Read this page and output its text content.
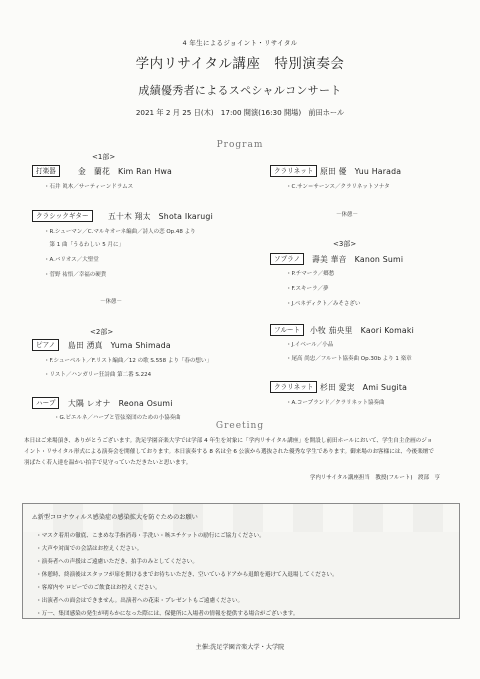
4 年生によるジョイント・リサイタル
学内リサイタル講座　特別演奏会
成績優秀者によるスペシャルコンサート
2021 年 2 月 25 日(木)　17:00 開演(16:30 開場)　前田ホール
Program
<1部>
打楽器	金　蘭花　Kim Ran Hwa
・石井 眞木／サーティーンドラムス
クラシックギター	五十木 翔太　Shota Ikarugi
・R.シューマン／C.マルキオーネ編曲／詩人の恋 Op.48 より
　第 1 曲「うるわしい 5 月に」
・A.バリオス／大聖堂
・菅野 祐悟／幸福の硬貨
－休憩－
<2部>
ピアノ	島田 湧真　Yuma Shimada
・F.シューベルト／F.リスト編曲／12 の歌 S.558 より「春の想い」
・リスト／ハンガリー狂詩曲 第二番 S.224
ハープ	大隅 レオナ　Reona Osumi
・G.ピエルネ／ハープと管弦楽団のための小協奏曲
クラリネット 原田 優　Yuu Harada
・C.サン＝サーンス／クラリネットソナタ
－休憩－
<3部>
ソプラノ	壽美 華音　Kanon Sumi
・P.チマーラ／郷愁
・F.スキーラ／夢
・J.ベネディクト／みそさざい
フルート	小牧 茄央里　Kaori Komaki
・J.イベール／小品
・尾高 尚忠／フルート協奏曲 Op.30b より 1 楽章
クラリネット 杉田 愛実　Ami Sugita
・A.コープランド／クラリネット協奏曲
Greeting

本日はご来場頂き、ありがとうございます。洗足学園音楽大学では学部 4 年生を対象に「学内リサイタル講座」を開設し前田ホールにおいて、学生自主企画のジョ

イント・リサイタル形式による演奏会を開催しております。本日演奏する 8 名は全 6 公演から選抜された優秀な学生であります。御来場のお客様には、今後楽壇で

羽ばたく若人達を温かい拍手で見守っていただきたいと思います。

学内リサイタル講座担当　教授(フルート)　渡部　亨
⚠新型コロナウィルス感染症の感染拡大を防ぐためのお願い
・マスク着用の徹底、こまめな手指消毒・手洗い・咳エチケットの励行にご協力ください。
・大声や対面での会話はお控えください。
・演奏者への声援はご遠慮いただき、拍手のみとしてください。
・休憩時、終演後はスタッフが扉を開けるまでお待ちいただき、空いているドアから退館を避けて入退場してください。
・客席内や ロビーでのご飲食はお控えください。
・出演者への面会はできません。出演者への花束・プレゼントもご遠慮ください。
・万一、集団感染の発生が明らかになった際には、保健所に入場者の情報を提供する場合がございます。
主催:洗足学園音楽大学・大学院
